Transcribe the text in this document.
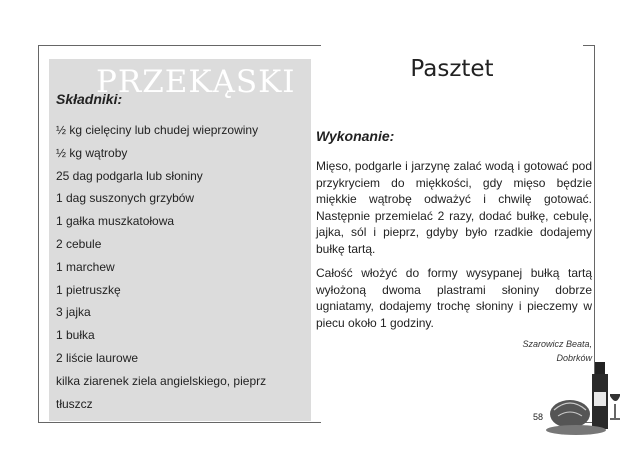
PRZEKĄSKI
Składniki:
½ kg cielęciny lub chudej wieprzowiny
½ kg wątroby
25 dag podgarla lub słoniny
1 dag suszonych grzybów
1 gałka muszkatołowa
2 cebule
1 marchew
1 pietruszkę
3 jajka
1 bułka
2 liście laurowe
kilka ziarenek ziela angielskiego, pieprz
tłuszcz
Pasztet
Wykonanie:

Mięso, podgarle i jarzynę zalać wodą i gotować pod przykryciem do miękkości, gdy mięso będzie miękkie wątrobę odważyć i chwilę gotować. Następnie przemielać 2 razy, dodać bułkę, cebulę, jajka, sól i pieprz, gdyby było rzadkie dodajemy bułkę tartą.

Całość włożyć do formy wysypanej bułką tartą wyłożoną dwoma plastrami słoniny dobrze ugniatamy, dodajemy trochę słoniny i pieczemy w piecu około 1 godziny.

Szarowicz Beata,
Dobrków
58
